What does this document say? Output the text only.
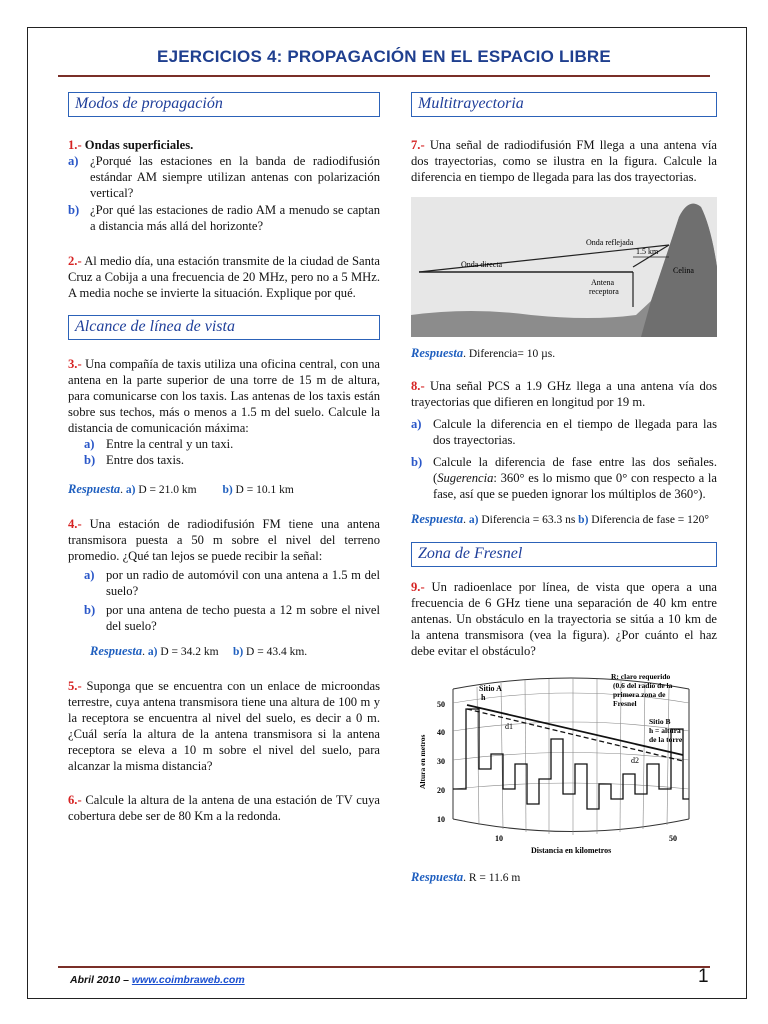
EJERCICIOS 4: PROPAGACIÓN EN EL ESPACIO LIBRE
Modos de propagación
1.- Ondas superficiales.
a) ¿Porqué las estaciones en la banda de radiodifusión estándar AM siempre utilizan antenas con polarización vertical?
b) ¿Por qué las estaciones de radio AM a menudo se captan a distancia más allá del horizonte?
2.- Al medio día, una estación transmite de la ciudad de Santa Cruz a Cobija a una frecuencia de 20 MHz, pero no a 5 MHz. A media noche se invierte la situación. Explique por qué.
Alcance de línea de vista
3.- Una compañía de taxis utiliza una oficina central, con una antena en la parte superior de una torre de 15 m de altura, para comunicarse con los taxis. Las antenas de los taxis están sobre sus techos, más o menos a 1.5 m del suelo. Calcule la distancia de comunicación máxima:
a) Entre la central y un taxi.
b) Entre dos taxis.
Respuesta. a) D = 21.0 km b) D = 10.1 km
4.- Una estación de radiodifusión FM tiene una antena transmisora puesta a 50 m sobre el nivel del terreno promedio. ¿Qué tan lejos se puede recibir la señal:
a) por un radio de automóvil con una antena a 1.5 m del suelo?
b) por una antena de techo puesta a 12 m sobre el nivel del suelo?
Respuesta. a) D = 34.2 km b) D = 43.4 km.
5.- Suponga que se encuentra con un enlace de microondas terrestre, cuya antena transmisora tiene una altura de 100 m y la receptora se encuentra al nivel del suelo, es decir a 0 m. ¿Cuál sería la altura de la antena transmisora si la antena receptora se eleva a 10 m sobre el nivel del suelo, para alcanzar la misma distancia?
6.- Calcule la altura de la antena de una estación de TV cuya cobertura debe ser de 80 Km a la redonda.
Multitrayectoria
7.- Una señal de radiodifusión FM llega a una antena vía dos trayectorias, como se ilustra en la figura. Calcule la diferencia en tiempo de llegada para las dos trayectorias.
Onda reflejada
1.5 km
Onda directa
Antena
receptora
Celina
Respuesta. Diferencia= 10 µs.
8.- Una señal PCS a 1.9 GHz llega a una antena vía dos trayectorias que difieren en longitud por 19 m.
a) Calcule la diferencia en el tiempo de llegada para las dos trayectorias.
b) Calcule la diferencia de fase entre las dos señales. (Sugerencia: 360° es lo mismo que 0° con respecto a la fase, así que se pueden ignorar los múltiplos de 360°).
Respuesta. a) Diferencia = 63.3 ns b) Diferencia de fase = 120°
Zona de Fresnel
9.- Un radioenlace por línea, de vista que opera a una frecuencia de 6 GHz tiene una separación de 40 km entre antenas. Un obstáculo en la trayectoria se sitúa a 10 km de la antena transmisora (vea la figura). ¿Por cuánto el haz debe evitar el obstáculo?
Altura en metros
50
40
30
20
10
Sitio A
h
d1
d2
R: claro requerido
(0.6 del radio de la
primera zona de
Fresnel
Sitio B
h = altura
de la torre
10	50
Distancia en kilometros
Respuesta. R = 11.6 m
Abril 2010 – www.coimbraweb.com	1
